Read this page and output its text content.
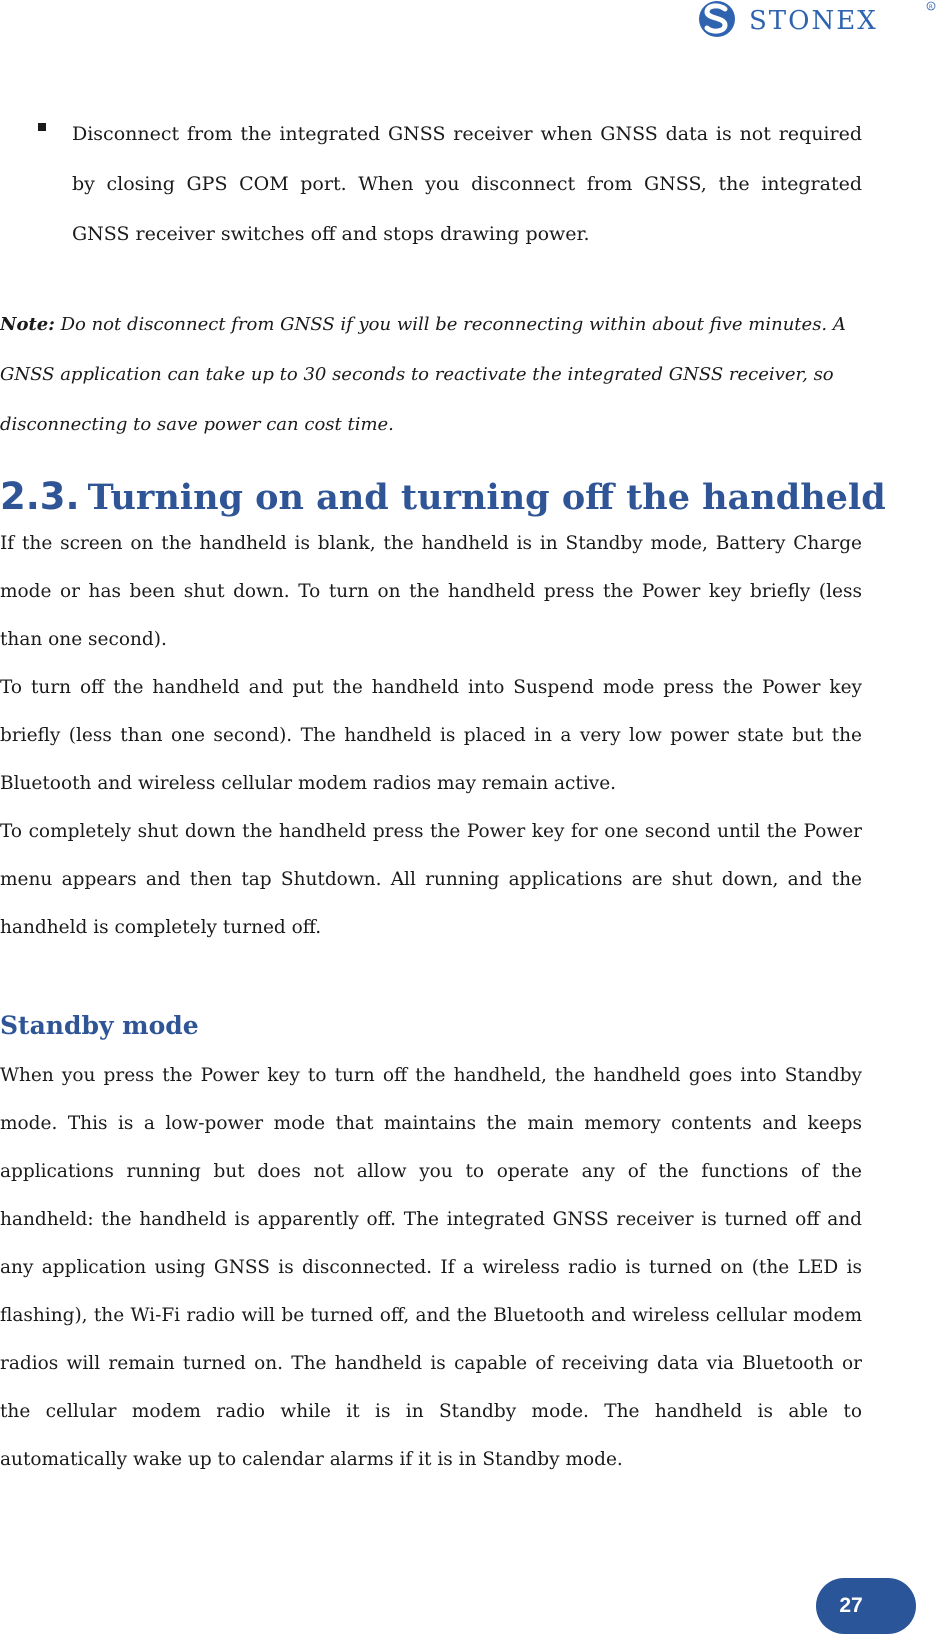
STONEX	R
Disconnect from the integrated GNSS receiver when GNSS data is not required by closing GPS COM port. When you disconnect from GNSS, the integrated GNSS receiver switches off and stops drawing power.
Note: Do not disconnect from GNSS if you will be reconnecting within about five minutes. A GNSS application can take up to 30 seconds to reactivate the integrated GNSS receiver, so disconnecting to save power can cost time.
2.3. Turning on and turning off the handheld
If the screen on the handheld is blank, the handheld is in Standby mode, Battery Charge mode or has been shut down. To turn on the handheld press the Power key briefly (less than one second).
To turn off the handheld and put the handheld into Suspend mode press the Power key briefly (less than one second). The handheld is placed in a very low power state but the Bluetooth and wireless cellular modem radios may remain active.
To completely shut down the handheld press the Power key for one second until the Power menu appears and then tap Shutdown. All running applications are shut down, and the handheld is completely turned off.
Standby mode
When you press the Power key to turn off the handheld, the handheld goes into Standby mode. This is a low-power mode that maintains the main memory contents and keeps applications running but does not allow you to operate any of the functions of the handheld: the handheld is apparently off. The integrated GNSS receiver is turned off and any application using GNSS is disconnected. If a wireless radio is turned on (the LED is flashing), the Wi-Fi radio will be turned off, and the Bluetooth and wireless cellular modem radios will remain turned on. The handheld is capable of receiving data via Bluetooth or the cellular modem radio while it is in Standby mode. The handheld is able to automatically wake up to calendar alarms if it is in Standby mode.
27
